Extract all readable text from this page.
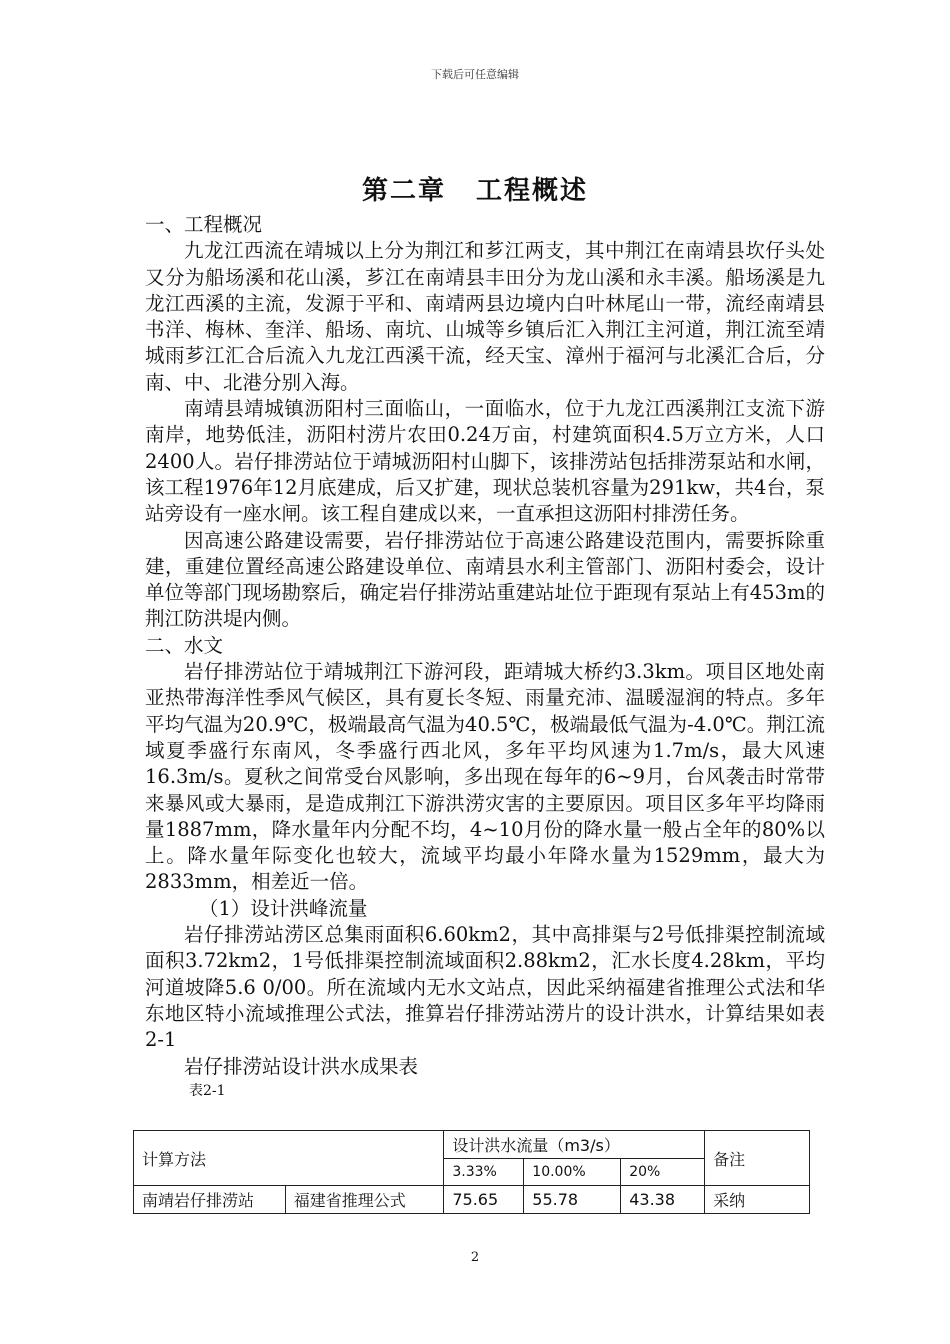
下载后可任意编辑
第二章 工程概述

一、工程概况

九龙江西流在靖城以上分为荆江和芗江两支，其中荆江在南靖县坎仔头处又分为船场溪和花山溪，芗江在南靖县丰田分为龙山溪和永丰溪。船场溪是九龙江西溪的主流，发源于平和、南靖两县边境内白叶林尾山一带，流经南靖县书洋、梅林、奎洋、船场、南坑、山城等乡镇后汇入荆江主河道，荆江流至靖城雨芗江汇合后流入九龙江西溪干流，经天宝、漳州于福河与北溪汇合后，分南、中、北港分别入海。

南靖县靖城镇沥阳村三面临山，一面临水，位于九龙江西溪荆江支流下游南岸，地势低洼，沥阳村涝片农田0.24万亩，村建筑面积4.5万立方米，人口2400人。岩仔排涝站位于靖城沥阳村山脚下，该排涝站包括排涝泵站和水闸，该工程1976年12月底建成，后又扩建，现状总装机容量为291kw，共4台，泵站旁设有一座水闸。该工程自建成以来，一直承担这沥阳村排涝任务。

因高速公路建设需要，岩仔排涝站位于高速公路建设范围内，需要拆除重建，重建位置经高速公路建设单位、南靖县水利主管部门、沥阳村委会，设计单位等部门现场勘察后，确定岩仔排涝站重建站址位于距现有泵站上有453m的荆江防洪堤内侧。

二、水文

岩仔排涝站位于靖城荆江下游河段，距靖城大桥约3.3km。项目区地处南亚热带海洋性季风气候区，具有夏长冬短、雨量充沛、温暖湿润的特点。多年平均气温为20.9℃，极端最高气温为40.5℃，极端最低气温为-4.0℃。荆江流域夏季盛行东南风，冬季盛行西北风，多年平均风速为1.7m/s，最大风速16.3m/s。夏秋之间常受台风影响，多出现在每年的6~9月，台风袭击时常带来暴风或大暴雨，是造成荆江下游洪涝灾害的主要原因。项目区多年平均降雨量1887mm，降水量年内分配不均，4~10月份的降水量一般占全年的80%以上。降水量年际变化也较大，流域平均最小年降水量为1529mm，最大为2833mm，相差近一倍。

（1）设计洪峰流量

岩仔排涝站涝区总集雨面积6.60km2，其中高排渠与2号低排渠控制流域面积3.72km2，1号低排渠控制流域面积2.88km2，汇水长度4.28km，平均河道坡降5.6 0/00。所在流域内无水文站点，因此采纳福建省推理公式法和华东地区特小流域推理公式法，推算岩仔排涝站涝片的设计洪水，计算结果如表2-1

岩仔排涝站设计洪水成果表

表2-1

计算方法		设计洪水流量（m3/s）			备注
		3.33%	10.00%	20%	
南靖岩仔排涝站	福建省推理公式	75.65	55.78	43.38	采纳
2
